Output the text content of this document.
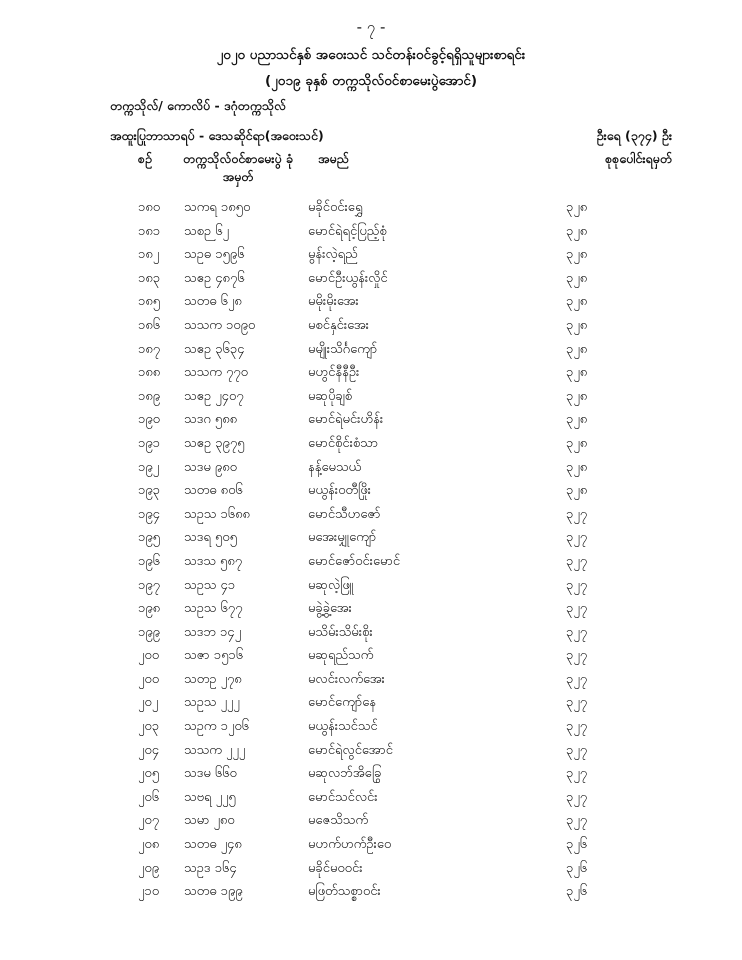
- ၇ -
၂၀၂၀ ပညာသင်နှစ် အဝေးသင် သင်တန်းဝင်ခွင့်ရရှိသူများစာရင်း
(၂၀၁၉ ခုနှစ် တက္ကသိုလ်ဝင်စာမေးပွဲအောင်)
တက္ကသိုလ်/ ကောလိပ် - ဒဂုံတက္ကသိုလ်
အထူးပြုဘာသာရပ် - ဒေသဆိုင်ရာ(အဝေးသင်)	ဦးရေ (၃၇၄) ဦး
စဉ်	တက္ကသိုလ်ဝင်စာမေးပွဲ ခုံအမှတ်
အမည်	စုစုပေါင်းရမှတ်
၁၈၀ သကရ ၁၈၅၀	မခိုင်ဝင်းရွှေ	၃၂၈
၁၈၁ သစဉ ၆၂	မောင်ရဲရင့်ပြည့်စုံ	၃၂၈
၁၈၂ သဥဓ ၁၅၉၆	မွန်းလဲ့ရည်	၃၂၈
၁၈၃ သဧဥ ၄၈၇၆	မောင်ဦးယွန်းလှိုင်	၃၂၈
၁၈၅ သတဓ ၆၂၈	မမိုးမိုးအေး	၃၂၈
၁၈၆ သသက ၁၀၉၀	မစင်နှင်းအေး	၃၂၈
၁၈၇ သဧဥ ၃၆၃၄	မမျိုးသိင်္ဂကျော်	၃၂၈
၁၈၈ သသက ၇၇၀	မဟွင်နီနီဦး	၃၂၈
၁၈၉ သဧဥ ၂၄၀၇	မဆုပိုချစ်	၃၂၈
၁၉၀ သဒဂ ၅၈၈	မောင်ရဲမင်းဟိန်း	၃၂၈
၁၉၁ သဧဥ ၃၉၇၅	မောင်စိုင်းစံသာ	၃၂၈
၁၉၂ သဒမ ၉၈၀	နန့်မေသယ်	၃၂၈
၁၉၃ သတဓ ၈၀၆	မယွန်းဝတီဖြိုး	၃၂၈
၁၉၄ သဥသ ၁၆၈၈	မောင်သီဟဇော်	၃၂၇
၁၉၅ သဒရ ၅၀၅	မအေးမျှုကျော်	၃၂၇
၁၉၆ သဒသ ၅၈၇	မောင်ဇော်ဝင်းမောင်	၃၂၇
၁၉၇ သဥသ ၄၁	မဆုလဲ့ဖြူ	၃၂၇
၁၉၈ သဥသ ၆၇၇	မခွဲ့ခွဲ့အေး	၃၂၇
၁၉၉ သဒဘ ၁၄၂	မသိမ်းသိမ်းစိုး	၃၂၇
၂၀၀ သဇာ ၁၅၁၆	မဆုရည်သက်	၃၂၇
၂၀၀ သတဥ ၂၇၈	မလင်းလက်အေး	၃၂၇
၂၀၂ သဥသ ၂၂၂	မောင်ကျော်နေ	၃၂၇
၂၀၃ သဥက ၁၂၀၆	မယွန်းသင်သင်	၃၂၇
၂၀၄ သသက ၂၂၂	မောင်ရဲလွင်အောင်	၃၂၇
၂၀၅ သဒမ ၆၆၀	မဆုလဘ်အိခြွေ	၃၂၇
၂၀၆ သဗရ ၂၂၅	မောင်သင်လင်း	၃၂၇
၂၀၇ သမာ ၂၈၀	မဇေသိသက်	၃၂၇
၂၀၈ သတဓ ၂၄၈	မဟက်ဟက်ဦးဝေ	၃၂၆
၂၀၉ သဥဒ ၁၆၄	မခိုင်မဝဝင်း	၃၂၆
၂၁၀ သတဓ ၁၉၉	မဖြတ်သစ္စာဝင်း	၃၂၆
